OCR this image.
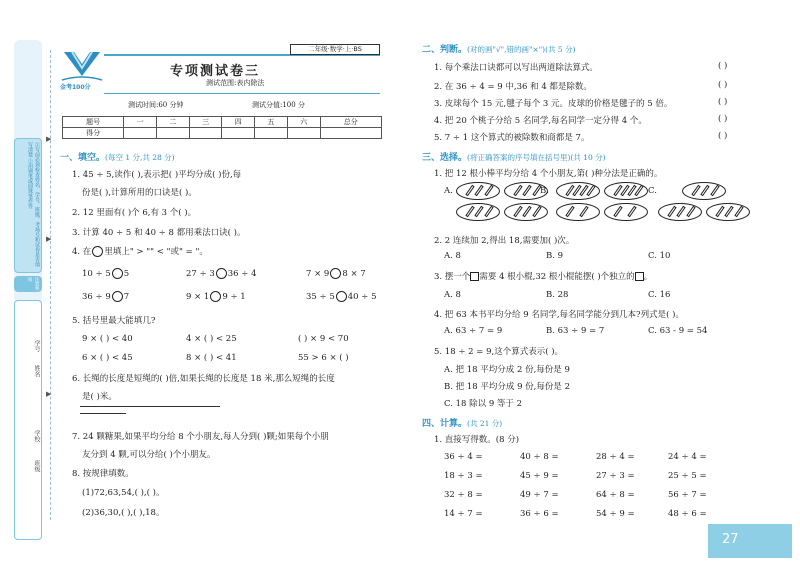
①写前必须检查姓名、学号、班级、考场号和试卷是否填写清楚 ②用钢笔或圆珠笔作答
注意事项
学号
姓名
学校
班级
▶
▶
▶
金考100分
二年级·数学·上·BS
专项测试卷三
测试范围:表内除法
测试时间:60 分钟	测试分值:100 分
题号	一	二	三	四	五	六	总分
得分							
一、填空。(每空 1 分,共 28 分)
1. 45 ÷ 5,读作( ),表示把( )平均分成( )份,每
份是( ),计算所用的口诀是( )。
2. 12 里面有( )个 6,有 3 个( )。
3. 计算 40 ÷ 5 和 40 ÷ 8 都用乘法口诀( )。
4. 在 里填上" > "" < "或" = "。
10 ÷ 5 5	27 ÷ 3 36 ÷ 4	7 × 9 8 × 7
36 ÷ 9 7	9 × 1 9 ÷ 1	35 ÷ 5 40 ÷ 5
5. 括号里最大能填几?
9 × ( ) < 40	4 × ( ) < 25	( ) × 9 < 70
6 × ( ) < 45	8 × ( ) < 41	55 > 6 × ( )
6. 长绳的长度是短绳的( )倍,如果长绳的长度是 18 米,那么短绳的长度
是( )米。
7. 24 颗糖果,如果平均分给 8 个小朋友,每人分到( )颗;如果每个小朋
友分到 4 颗,可以分给( )个小朋友。
8. 按规律填数。
(1)72,63,54,( ),( )。
(2)36,30,( ),( ),18。
二、判断。(对的画"√",错的画"×")(共 5 分)
1. 每个乘法口诀都可以写出两道除法算式。
2. 在 36 ÷ 4 = 9 中,36 和 4 都是除数。
3. 皮球每个 15 元,毽子每个 3 元。皮球的价格是毽子的 5 倍。
4. 把 20 个桃子分给 5 名同学,每名同学一定分得 4 个。
5. 7 ÷ 1 这个算式的被除数和商都是 7。
( )
( )
( )
( )
( )
三、选择。(将正确答案的序号填在括号里)(共 10 分)
1. 把 12 根小棒平均分给 4 个小朋友,第( )种分法是正确的。
A.	B.	C.
2. 2 连续加 2,得出 18,需要加( )次。
A. 8	B. 9	C. 10
3. 摆一个 需要 4 根小棍,32 根小棍能摆( )个独立的 。
A. 8	B. 28	C. 16
4. 把 63 本书平均分给 9 名同学,每名同学能分到几本?列式是( )。
A. 63 ÷ 7 = 9	B. 63 ÷ 9 = 7	C. 63 - 9 = 54
5. 18 ÷ 2 = 9,这个算式表示( )。
A. 把 18 平均分成 2 份,每份是 9
B. 把 18 平均分成 9 份,每份是 2
C. 18 除以 9 等于 2
四、计算。(共 21 分)
1. 直接写得数。(8 分)
36 ÷ 4 =	40 ÷ 8 =	28 ÷ 4 =	24 ÷ 4 =
18 ÷ 3 =	45 ÷ 9 =	27 ÷ 3 =	25 ÷ 5 =
32 ÷ 8 =	49 ÷ 7 =	64 ÷ 8 =	56 ÷ 7 =
14 ÷ 7 =	36 ÷ 6 =	54 ÷ 9 =	48 ÷ 6 =
27
